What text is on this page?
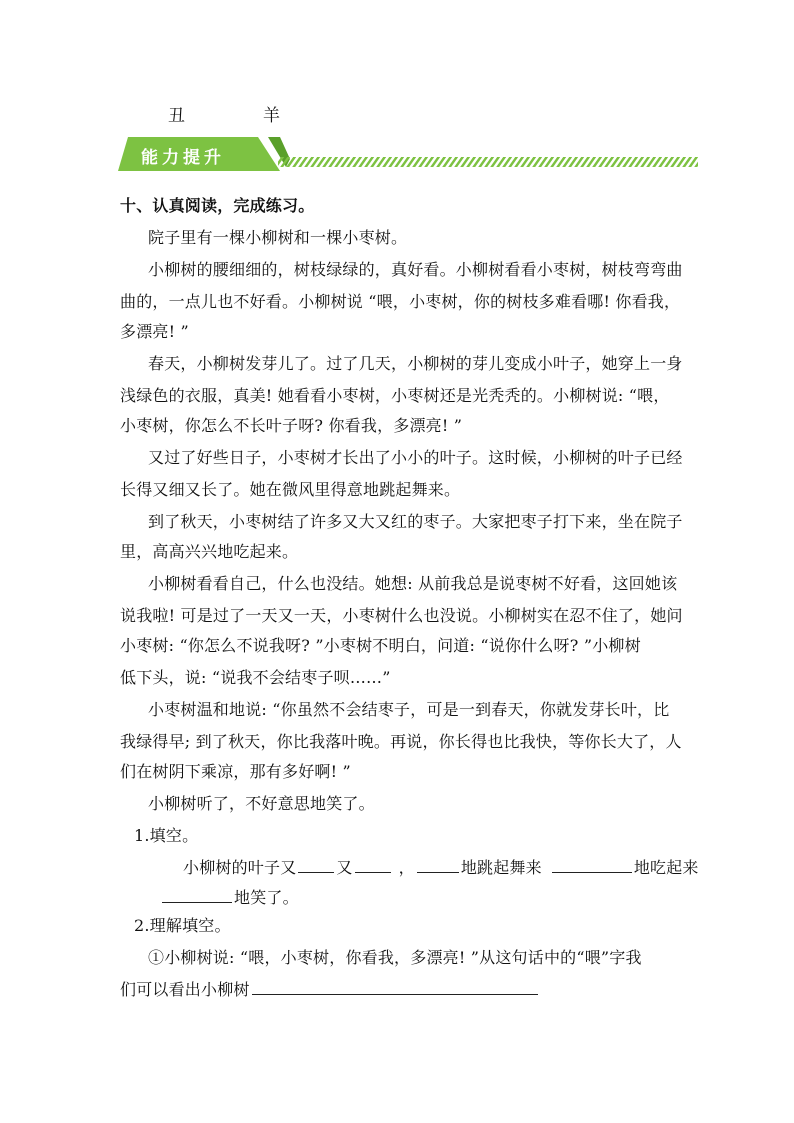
丑	羊
能力提升
十、认真阅读，完成练习。
院子里有一棵小柳树和一棵小枣树。
小柳树的腰细细的，树枝绿绿的，真好看。小柳树看看小枣树，树枝弯弯曲
曲的，一点儿也不好看。小柳树说 “喂，小枣树，你的树枝多难看哪! 你看我，
多漂亮! ”
春天，小柳树发芽儿了。过了几天，小柳树的芽儿变成小叶子，她穿上一身
浅绿色的衣服，真美! 她看看小枣树，小枣树还是光秃秃的。小柳树说: “喂，
小枣树，你怎么不长叶子呀? 你看我，多漂亮! ”
又过了好些日子，小枣树才长出了小小的叶子。这时候，小柳树的叶子已经
长得又细又长了。她在微风里得意地跳起舞来。
到了秋天，小枣树结了许多又大又红的枣子。大家把枣子打下来，坐在院子
里，高高兴兴地吃起来。
小柳树看看自己，什么也没结。她想: 从前我总是说枣树不好看，这回她该
说我啦! 可是过了一天又一天，小枣树什么也没说。小柳树实在忍不住了，她问
小枣树: “你怎么不说我呀? ”小枣树不明白，问道: “说你什么呀? ”小柳树
低下头，说: “说我不会结枣子呗……”
小枣树温和地说: “你虽然不会结枣子，可是一到春天，你就发芽长叶，比
我绿得早; 到了秋天，你比我落叶晚。再说，你长得也比我快，等你长大了，人
们在树阴下乘凉，那有多好啊! ”
小柳树听了，不好意思地笑了。
1.填空。
小柳树的叶子又	又	，	地跳起舞来	地吃起来
地笑了。
2.理解填空。
①小柳树说: “喂，小枣树，你看我，多漂亮! ”从这句话中的“喂”字我
们可以看出小柳树
